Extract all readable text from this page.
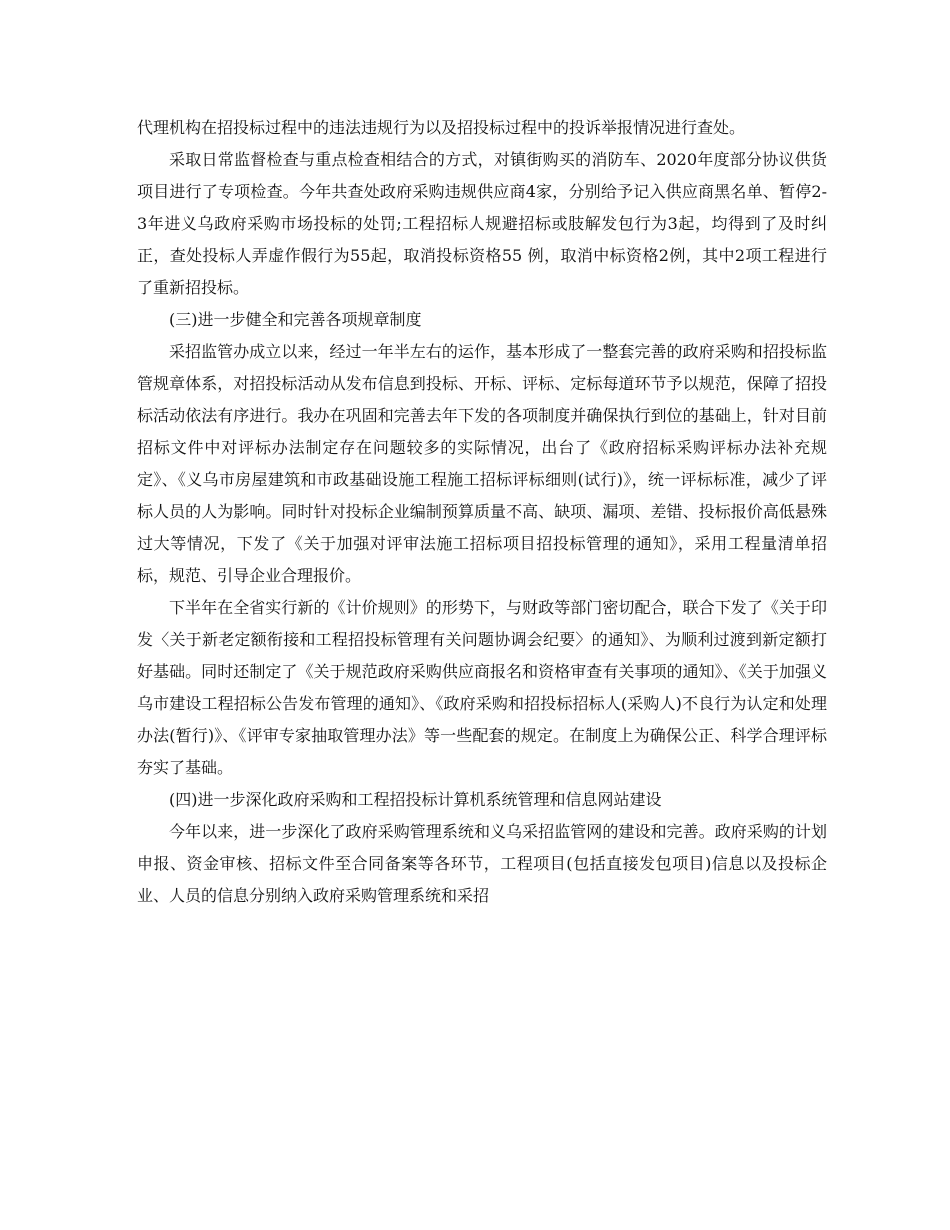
代理机构在招投标过程中的违法违规行为以及招投标过程中的投诉举报情况进行查处。

采取日常监督检查与重点检查相结合的方式，对镇街购买的消防车、2020年度部分协议供货项目进行了专项检查。今年共查处政府采购违规供应商4家，分别给予记入供应商黑名单、暂停2-3年进义乌政府采购市场投标的处罚;工程招标人规避招标或肢解发包行为3起，均得到了及时纠正，查处投标人弄虚作假行为55起，取消投标资格55 例，取消中标资格2例，其中2项工程进行了重新招投标。

(三)进一步健全和完善各项规章制度

采招监管办成立以来，经过一年半左右的运作，基本形成了一整套完善的政府采购和招投标监管规章体系，对招投标活动从发布信息到投标、开标、评标、定标每道环节予以规范，保障了招投标活动依法有序进行。我办在巩固和完善去年下发的各项制度并确保执行到位的基础上，针对目前招标文件中对评标办法制定存在问题较多的实际情况，出台了《政府招标采购评标办法补充规定》、《义乌市房屋建筑和市政基础设施工程施工招标评标细则(试行)》，统一评标标准，减少了评标人员的人为影响。同时针对投标企业编制预算质量不高、缺项、漏项、差错、投标报价高低悬殊过大等情况，下发了《关于加强对评审法施工招标项目招投标管理的通知》，采用工程量清单招标，规范、引导企业合理报价。

下半年在全省实行新的《计价规则》的形势下，与财政等部门密切配合，联合下发了《关于印发〈关于新老定额衔接和工程招投标管理有关问题协调会纪要〉的通知》、为顺利过渡到新定额打好基础。同时还制定了《关于规范政府采购供应商报名和资格审查有关事项的通知》、《关于加强义乌市建设工程招标公告发布管理的通知》、《政府采购和招投标招标人(采购人)不良行为认定和处理办法(暂行)》、《评审专家抽取管理办法》等一些配套的规定。在制度上为确保公正、科学合理评标夯实了基础。

(四)进一步深化政府采购和工程招投标计算机系统管理和信息网站建设

今年以来，进一步深化了政府采购管理系统和义乌采招监管网的建设和完善。政府采购的计划申报、资金审核、招标文件至合同备案等各环节，工程项目(包括直接发包项目)信息以及投标企业、人员的信息分别纳入政府采购管理系统和采招
